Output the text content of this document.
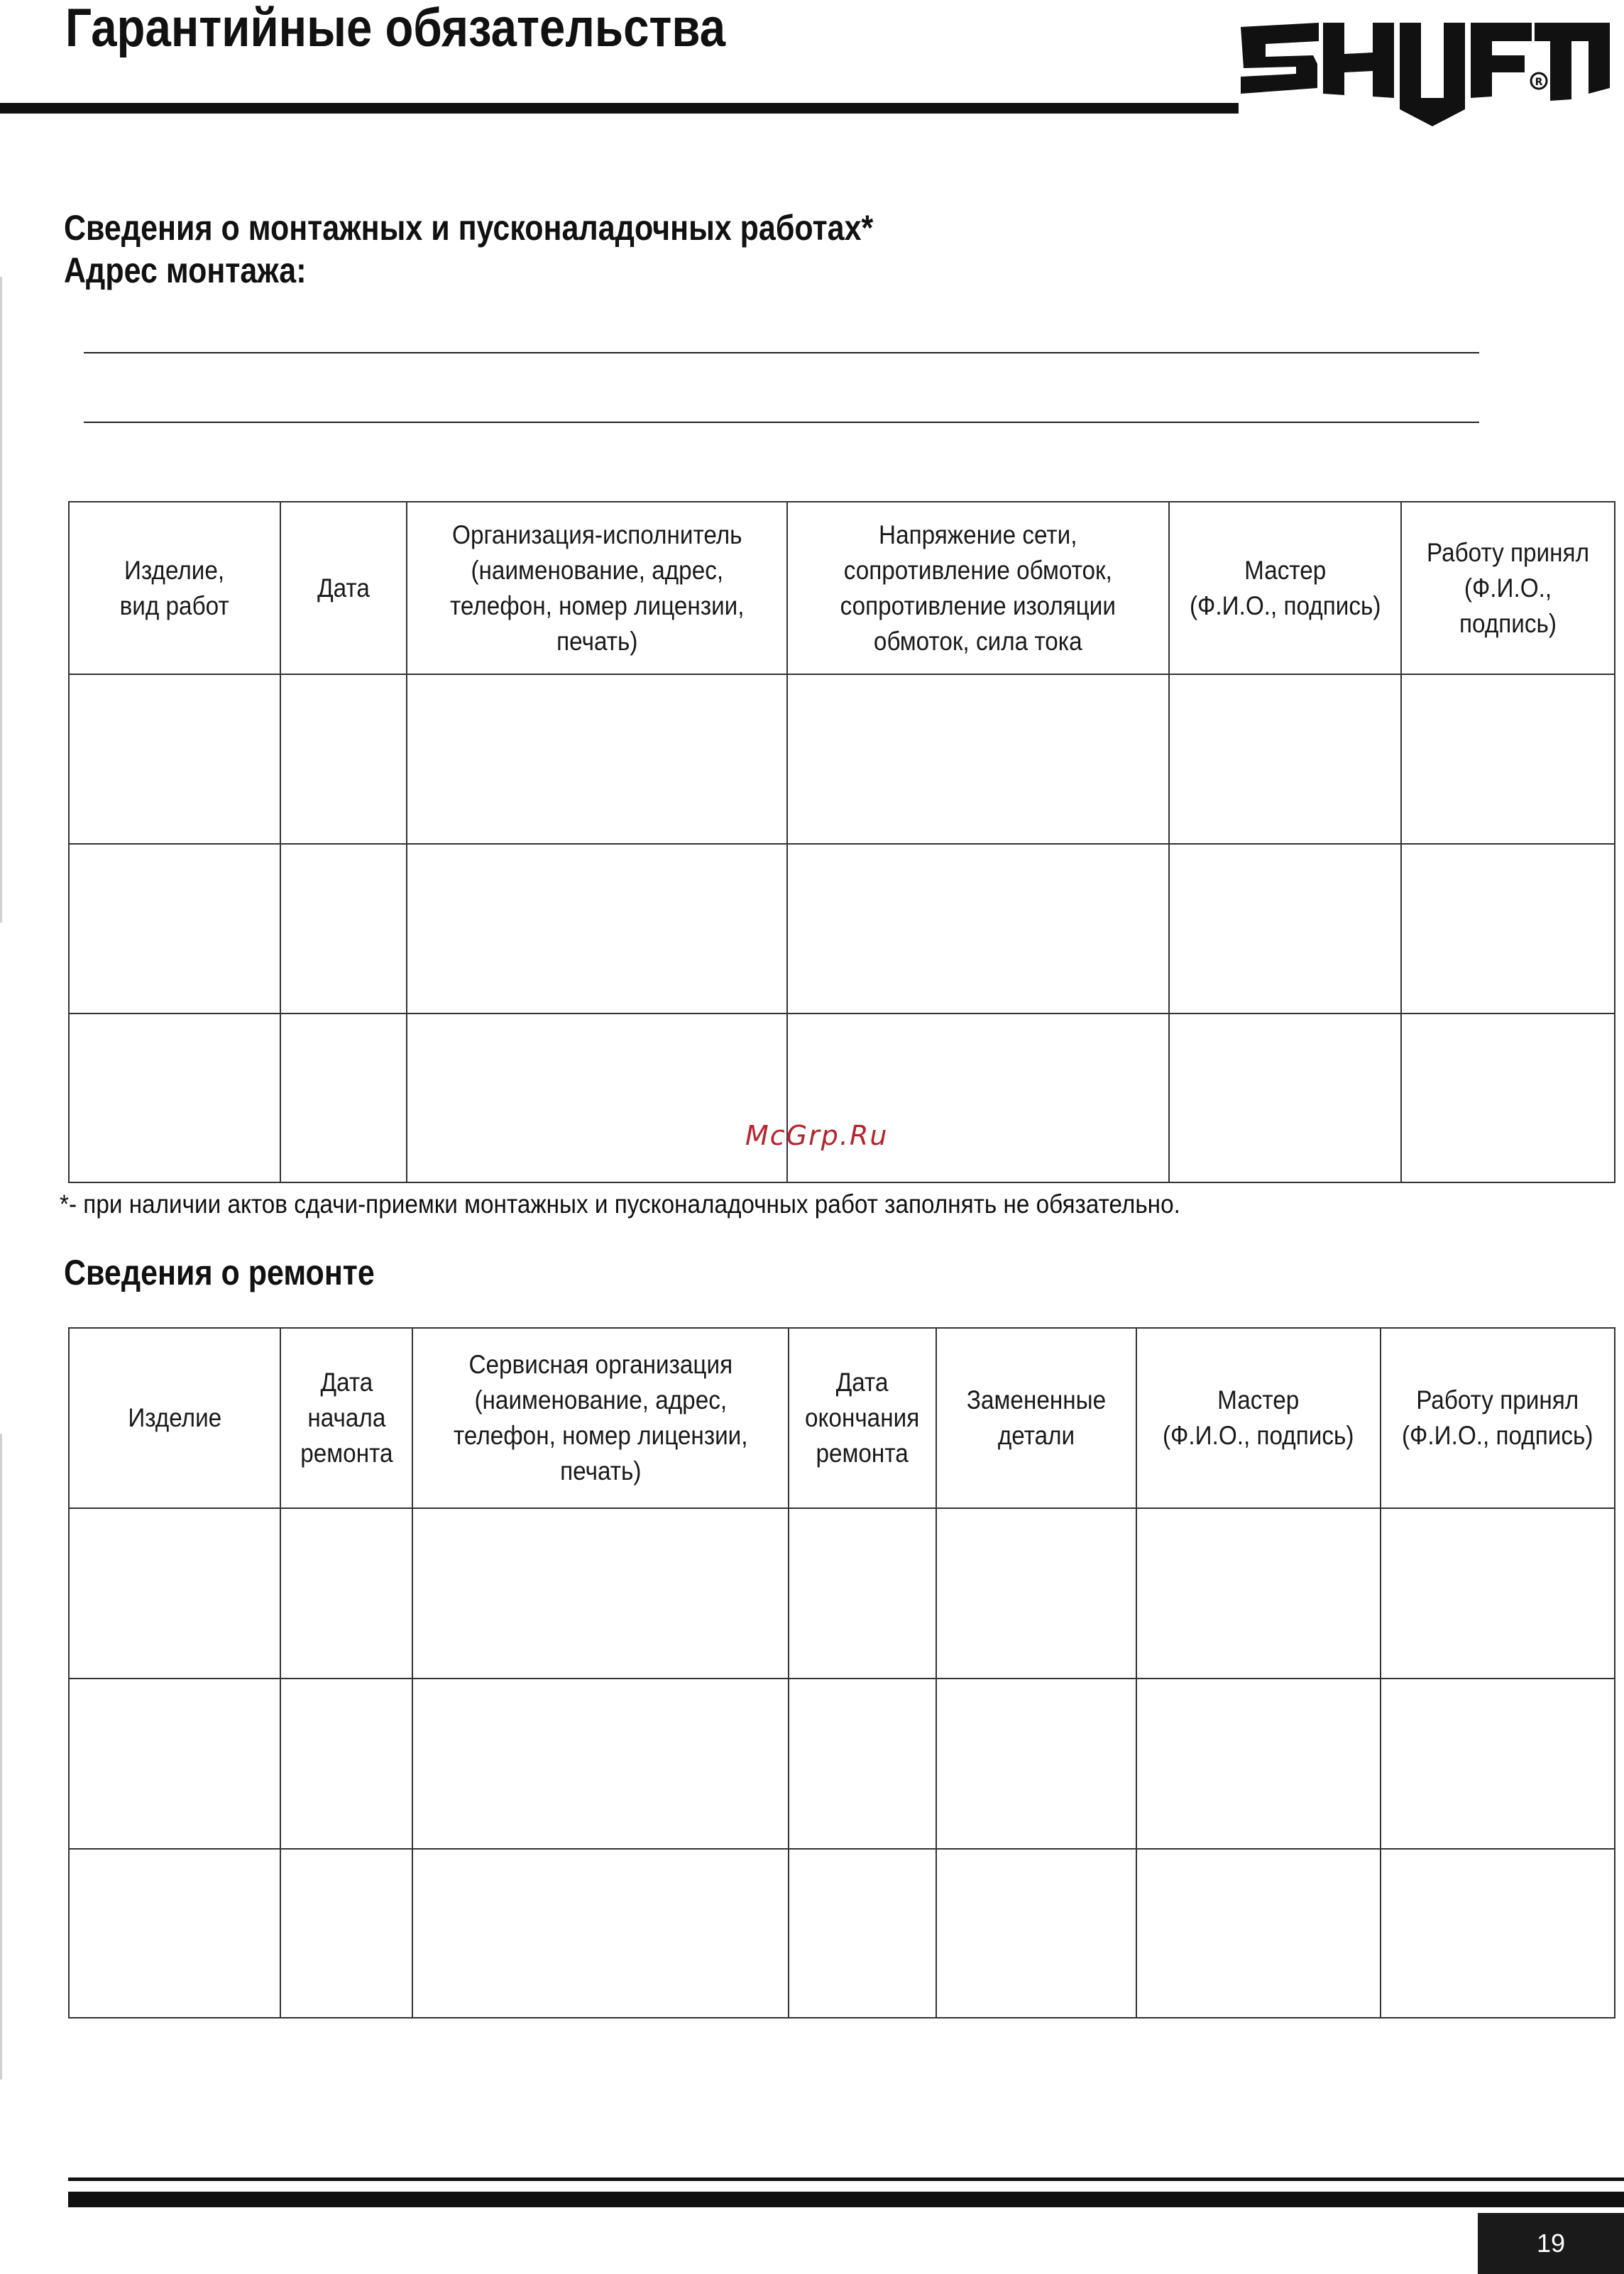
Гарантийные обязательства
R
Сведения о монтажных и пусконаладочных работах*
Адрес монтажа:
Изделие,
вид работ	Дата	Организация-исполнитель
(наименование, адрес,
телефон, номер лицензии,
печать)	Напряжение сети,
сопротивление обмоток,
сопротивление изоляции
обмоток, сила тока	Мастер
(Ф.И.О., подпись)	Работу принял
(Ф.И.О., подпись)

McGrp.Ru
*- при наличии актов сдачи-приемки монтажных и пусконаладочных работ заполнять не обязательно.
Сведения о ремонте
Изделие	Дата
начала
ремонта	Сервисная организация
(наименование, адрес,
телефон, номер лицензии,
печать)	Дата
окончания
ремонта	Замененные
детали	Мастер
(Ф.И.О., подпись)	Работу принял
(Ф.И.О., подпись)

19
